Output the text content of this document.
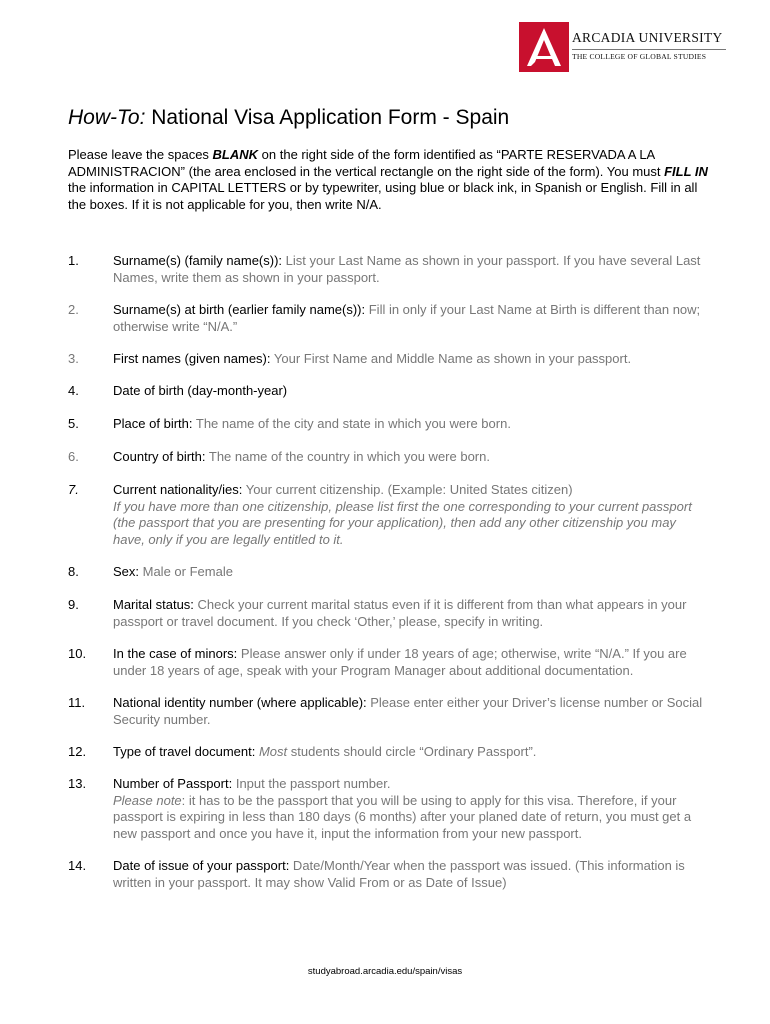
ARCADIA UNIVERSITY
THE COLLEGE OF GLOBAL STUDIES
How-To: National Visa Application Form - Spain
Please leave the spaces BLANK on the right side of the form identified as “PARTE RESERVADA A LA ADMINISTRACION” (the area enclosed in the vertical rectangle on the right side of the form). You must FILL IN the information in CAPITAL LETTERS or by typewriter, using blue or black ink, in Spanish or English. Fill in all the boxes. If it is not applicable for you, then write N/A.
1.	Surname(s) (family name(s)): List your Last Name as shown in your passport. If you have several Last Names, write them as shown in your passport.
2.	Surname(s) at birth (earlier family name(s)): Fill in only if your Last Name at Birth is different than now; otherwise write “N/A.”
3.	First names (given names): Your First Name and Middle Name as shown in your passport.
4.	Date of birth (day-month-year)
5.	Place of birth: The name of the city and state in which you were born.
6.	Country of birth: The name of the country in which you were born.
7.	Current nationality/ies: Your current citizenship. (Example: United States citizen)
If you have more than one citizenship, please list first the one corresponding to your current passport (the passport that you are presenting for your application), then add any other citizenship you may have, only if you are legally entitled to it.
8.	Sex: Male or Female
9.	Marital status: Check your current marital status even if it is different from than what appears in your passport or travel document. If you check ‘Other,’ please, specify in writing.
10. In the case of minors: Please answer only if under 18 years of age; otherwise, write “N/A.” If you are under 18 years of age, speak with your Program Manager about additional documentation.
11. National identity number (where applicable): Please enter either your Driver’s license number or Social Security number.
12. Type of travel document: Most students should circle “Ordinary Passport”.
13. Number of Passport: Input the passport number.
Please note: it has to be the passport that you will be using to apply for this visa. Therefore, if your passport is expiring in less than 180 days (6 months) after your planed date of return, you must get a new passport and once you have it, input the information from your new passport.
14. Date of issue of your passport: Date/Month/Year when the passport was issued. (This information is written in your passport. It may show Valid From or as Date of Issue)
studyabroad.arcadia.edu/spain/visas
